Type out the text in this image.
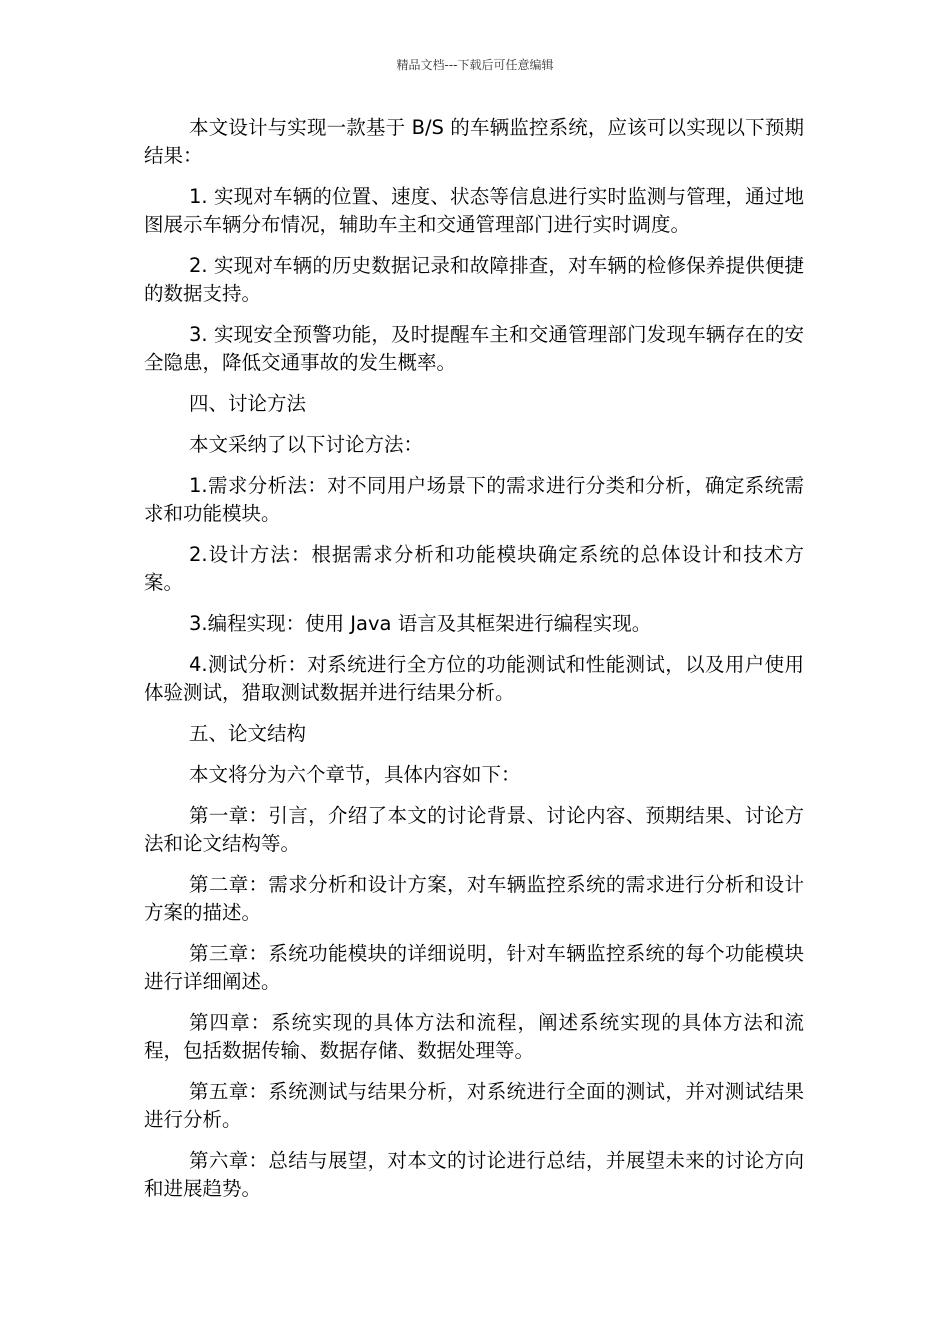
精品文档---下载后可任意编辑

本文设计与实现一款基于 B/S 的车辆监控系统，应该可以实现以下预期结果：

1. 实现对车辆的位置、速度、状态等信息进行实时监测与管理，通过地图展示车辆分布情况，辅助车主和交通管理部门进行实时调度。

2. 实现对车辆的历史数据记录和故障排查，对车辆的检修保养提供便捷的数据支持。

3. 实现安全预警功能，及时提醒车主和交通管理部门发现车辆存在的安全隐患，降低交通事故的发生概率。

四、讨论方法

本文采纳了以下讨论方法：

1.需求分析法：对不同用户场景下的需求进行分类和分析，确定系统需求和功能模块。

2.设计方法：根据需求分析和功能模块确定系统的总体设计和技术方案。

3.编程实现：使用 Java 语言及其框架进行编程实现。

4.测试分析：对系统进行全方位的功能测试和性能测试，以及用户使用体验测试，猎取测试数据并进行结果分析。

五、论文结构

本文将分为六个章节，具体内容如下：

第一章：引言，介绍了本文的讨论背景、讨论内容、预期结果、讨论方法和论文结构等。

第二章：需求分析和设计方案，对车辆监控系统的需求进行分析和设计方案的描述。

第三章：系统功能模块的详细说明，针对车辆监控系统的每个功能模块进行详细阐述。

第四章：系统实现的具体方法和流程，阐述系统实现的具体方法和流程，包括数据传输、数据存储、数据处理等。

第五章：系统测试与结果分析，对系统进行全面的测试，并对测试结果进行分析。

第六章：总结与展望，对本文的讨论进行总结，并展望未来的讨论方向和进展趋势。
